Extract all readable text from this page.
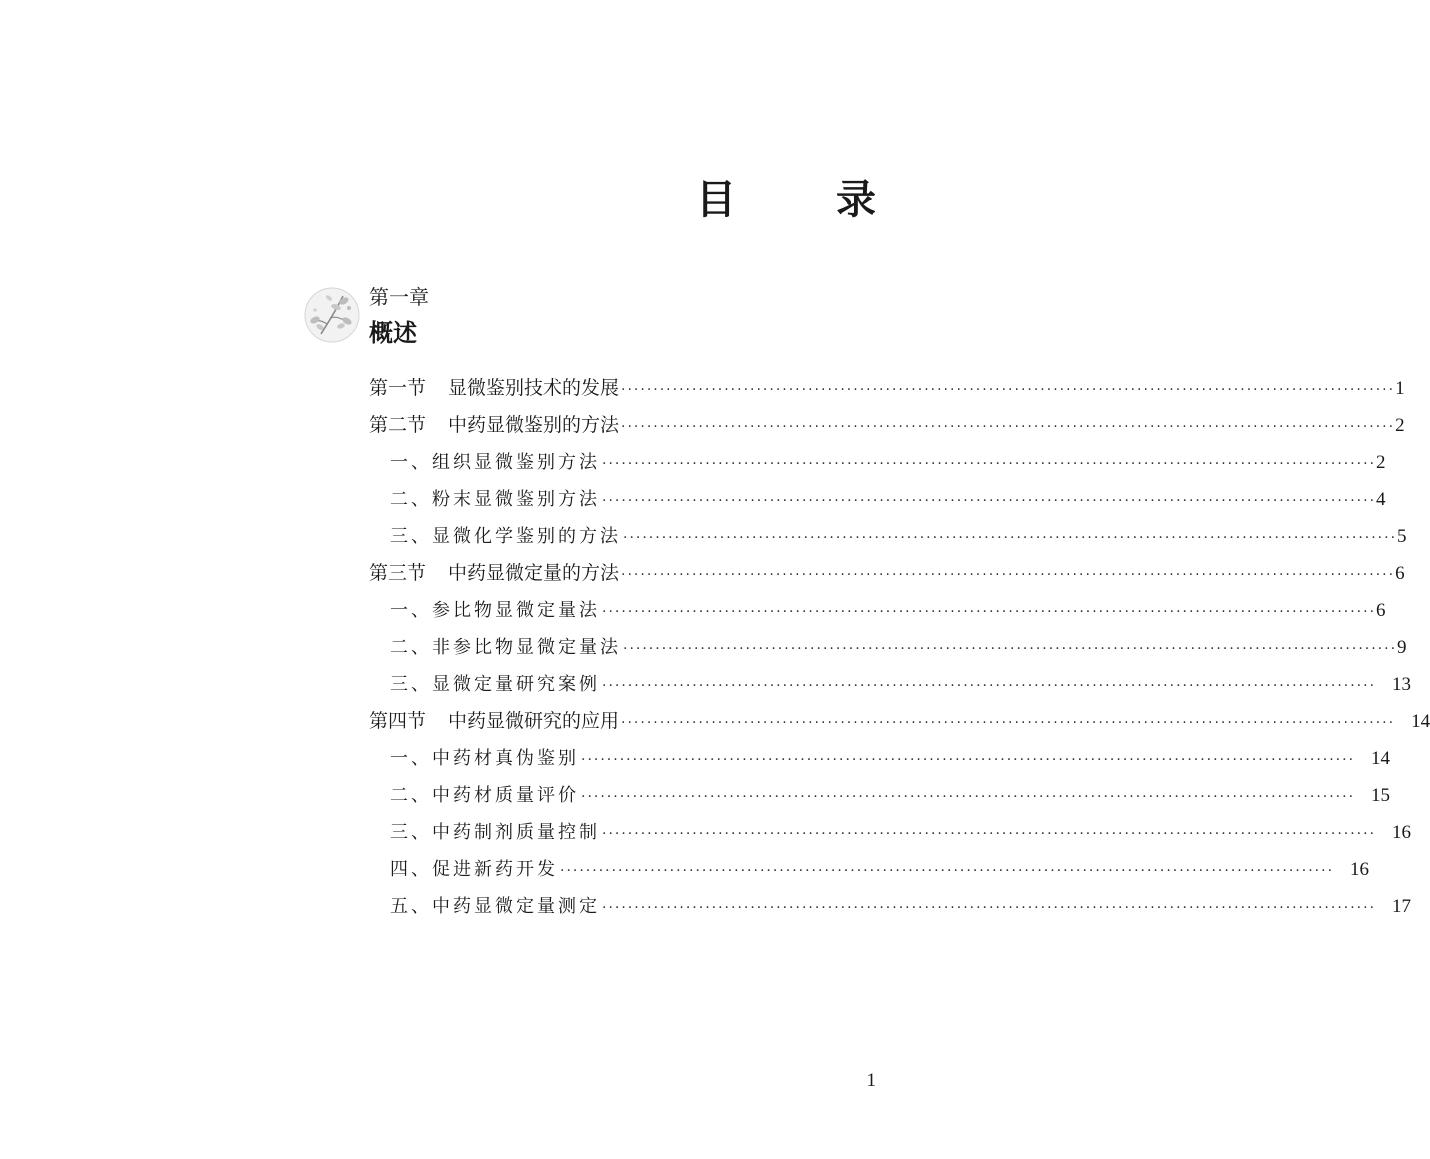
目　录
第一章
概述
第一节 显微鉴别技术的发展 ························································································································ 1
第二节 中药显微鉴别的方法 ························································································································ 2
一、组织显微鉴别方法 ························································································································ 2
二、粉末显微鉴别方法 ························································································································ 4
三、显微化学鉴别的方法 ························································································································ 5
第三节 中药显微定量的方法 ························································································································ 6
一、参比物显微定量法 ························································································································ 6
二、非参比物显微定量法 ························································································································ 9
三、显微定量研究案例 ························································································································ 13
第四节 中药显微研究的应用 ························································································································ 14
一、中药材真伪鉴别 ························································································································ 14
二、中药材质量评价 ························································································································ 15
三、中药制剂质量控制 ························································································································ 16
四、促进新药开发 ························································································································ 16
五、中药显微定量测定 ························································································································ 17
1
